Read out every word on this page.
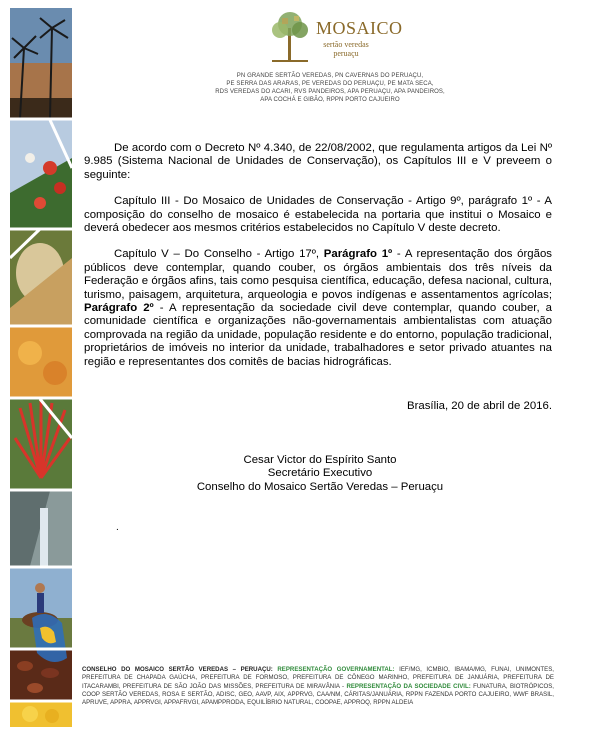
MOSAICO
sertão veredas
peruaçu
PN GRANDE SERTÃO VEREDAS, PN CAVERNAS DO PERUAÇU,
PE SERRA DAS ARARAS, PE VEREDAS DO PERUAÇU, PE MATA SECA,
RDS VEREDAS DO ACARI, RVS PANDEIROS, APA PERUAÇU, APA PANDEIROS,
APA COCHÁ E GIBÃO, RPPN PORTO CAJUEIRO

De acordo com o Decreto Nº 4.340, de 22/08/2002, que regulamenta artigos da Lei Nº 9.985 (Sistema Nacional de Unidades de Conservação), os Capítulos III e V preveem o seguinte:

Capítulo III - Do Mosaico de Unidades de Conservação - Artigo 9º, parágrafo 1º - A composição do conselho de mosaico é estabelecida na portaria que institui o Mosaico e deverá obedecer aos mesmos critérios estabelecidos no Capítulo V deste decreto.

Capítulo V – Do Conselho - Artigo 17º, Parágrafo 1º - A representação dos órgãos públicos deve contemplar, quando couber, os órgãos ambientais dos três níveis da Federação e órgãos afins, tais como pesquisa científica, educação, defesa nacional, cultura, turismo, paisagem, arquitetura, arqueologia e povos indígenas e assentamentos agrícolas; Parágrafo 2º - A representação da sociedade civil deve contemplar, quando couber, a comunidade científica e organizações não-governamentais ambientalistas com atuação comprovada na região da unidade, população residente e do entorno, população tradicional, proprietários de imóveis no interior da unidade, trabalhadores e setor privado atuantes na região e representantes dos comitês de bacias hidrográficas.

Brasília, 20 de abril de 2016.
Cesar Victor do Espírito Santo
Secretário Executivo
Conselho do Mosaico Sertão Veredas – Peruaçu
.
CONSELHO DO MOSAICO SERTÃO VEREDAS – PERUAÇU: REPRESENTAÇÃO GOVERNAMENTAL: IEF/MG, ICMBIO, IBAMA/MG, FUNAI, UNIMONTES, PREFEITURA DE CHAPADA GAÚCHA, PREFEITURA DE FORMOSO, PREFEITURA DE CÔNEGO MARINHO, PREFEITURA DE JANUÁRIA, PREFEITURA DE ITACARAMBI, PREFEITURA DE SÃO JOÃO DAS MISSÕES, PREFEITURA DE MIRAVÂNIA - REPRESENTAÇÃO DA SOCIEDADE CIVIL: FUNATURA, BIOTRÓPICOS, COOP SERTÃO VEREDAS, ROSA E SERTÃO, ADISC, GEO, AAVP, AIX, APPRVG, CAA/NM, CÁRITAS/JANUÁRIA, RPPN FAZENDA PORTO CAJUEIRO, WWF BRASIL, APRUVE, APPRA, APPRVGI, APPAFRVGI, APAMPPRODA, EQUILÍBRIO NATURAL, COOPAE, APPROQ, RPPN ALDEIA
